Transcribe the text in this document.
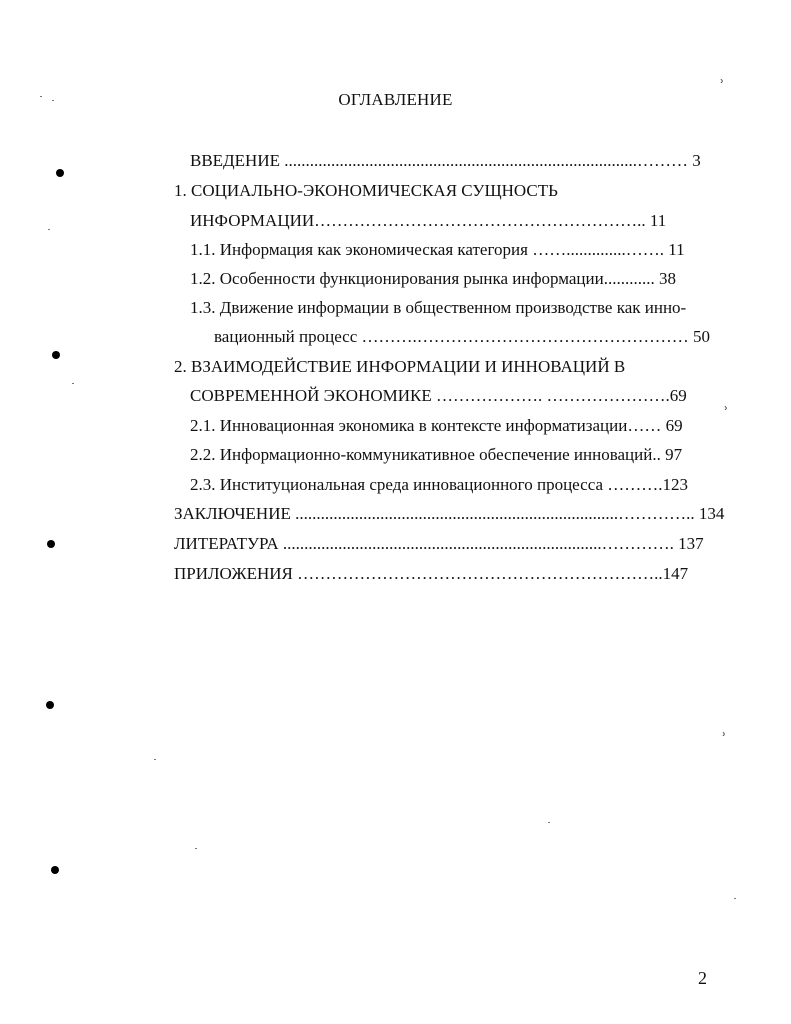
ОГЛАВЛЕНИЕ
ВВЕДЕНИЕ ...................................................................................……… 3
1. СОЦИАЛЬНО-ЭКОНОМИЧЕСКАЯ СУЩНОСТЬ
ИНФОРМАЦИИ………………………………………………….. 11
1.1. Информация как экономическая категория ……..............……. 11
1.2. Особенности функционирования рынка информации............ 38
1.3. Движение информации в общественном производстве как инно-
вационный процесс ……….………………………………………… 50
2. ВЗАИМОДЕЙСТВИЕ ИНФОРМАЦИИ И ИННОВАЦИЙ В
СОВРЕМЕННОЙ ЭКОНОМИКЕ ………………. ………………….69
2.1. Инновационная экономика в контексте информатизации…… 69
2.2. Информационно-коммуникативное обеспечение инноваций.. 97
2.3. Институциональная среда инновационного процесса ……….123
ЗАКЛЮЧЕНИЕ ............................................................................………….. 134
ЛИТЕРАТУРА ...........................................................................…………. 137
ПРИЛОЖЕНИЯ ………………………………………………………..147
2
ʾ
ʾ
ʾ
